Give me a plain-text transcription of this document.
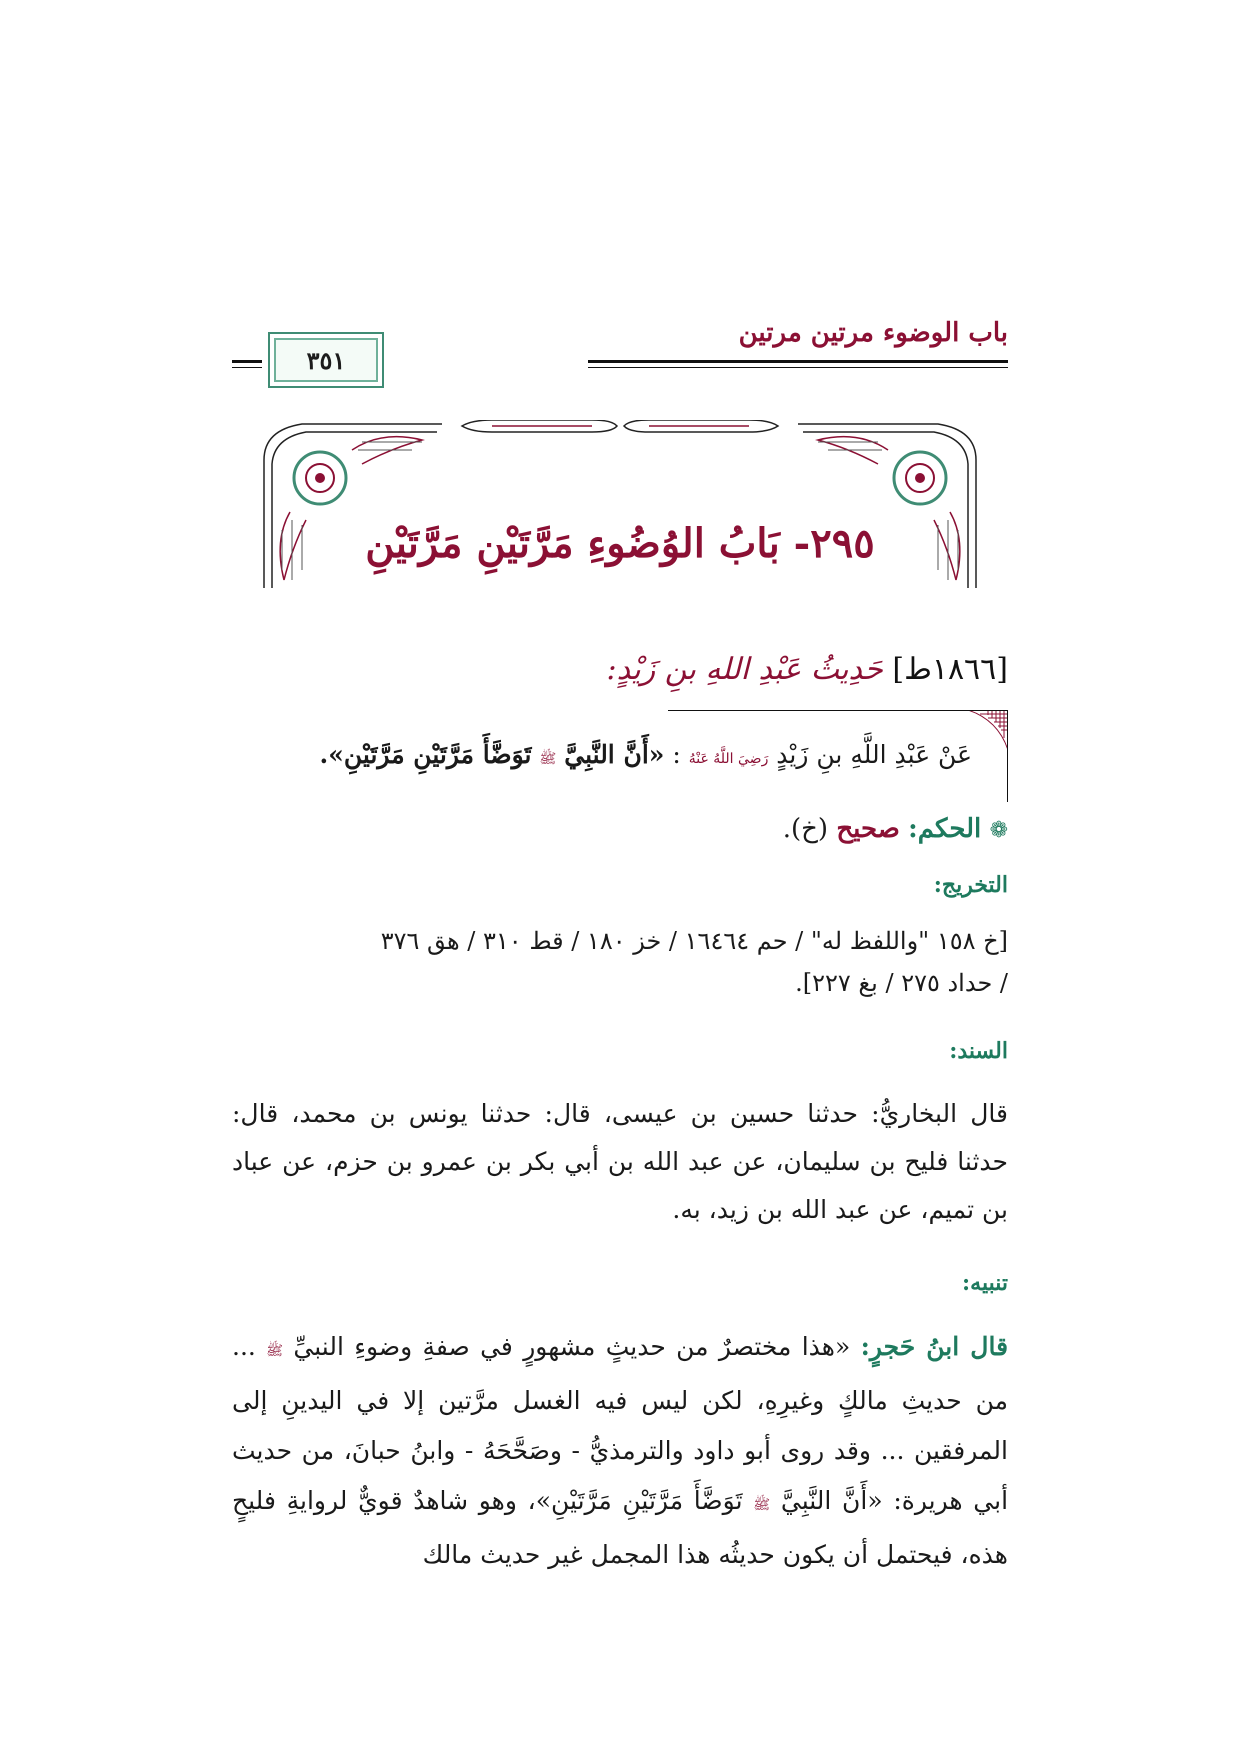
باب الوضوء مرتين مرتين
٣٥١
٢٩٥- بَابُ الوُضُوءِ مَرَّتَيْنِ مَرَّتَيْنِ
[١٨٦٦ط] حَدِيثُ عَبْدِ اللهِ بنِ زَيْدٍ:
عَنْ عَبْدِ اللَّهِ بنِ زَيْدٍ رَضِيَ اللَّهُ عَنْهُ : «أَنَّ النَّبِيَّ ﷺ تَوَضَّأَ مَرَّتَيْنِ مَرَّتَيْنِ».
❁ الحكم: صحيح (خ).
التخريج:
[خ ١٥٨ "واللفظ له" / حم ١٦٤٦٤ / خز ١٨٠ / قط ٣١٠ / هق ٣٧٦
/ حداد ٢٧٥ / بغ ٢٢٧].
السند:
قال البخاريُّ: حدثنا حسين بن عيسى، قال: حدثنا يونس بن محمد، قال: حدثنا فليح بن سليمان، عن عبد الله بن أبي بكر بن عمرو بن حزم، عن عباد بن تميم، عن عبد الله بن زيد، به.
تنبيه:
قال ابنُ حَجرٍ: «هذا مختصرٌ من حديثٍ مشهورٍ في صفةِ وضوءِ النبيِّ ﷺ ... من حديثِ مالكٍ وغيرِهِ، لكن ليس فيه الغسل مرَّتين إلا في اليدينِ إلى المرفقين ... وقد روى أبو داود والترمذيُّ - وصَحَّحَهُ - وابنُ حبانَ، من حديث أبي هريرة: «أَنَّ النَّبِيَّ ﷺ تَوَضَّأَ مَرَّتَيْنِ مَرَّتَيْنِ»، وهو شاهدٌ قويٌّ لروايةِ فليحٍ هذه، فيحتمل أن يكون حديثُه هذا المجمل غير حديث مالك
